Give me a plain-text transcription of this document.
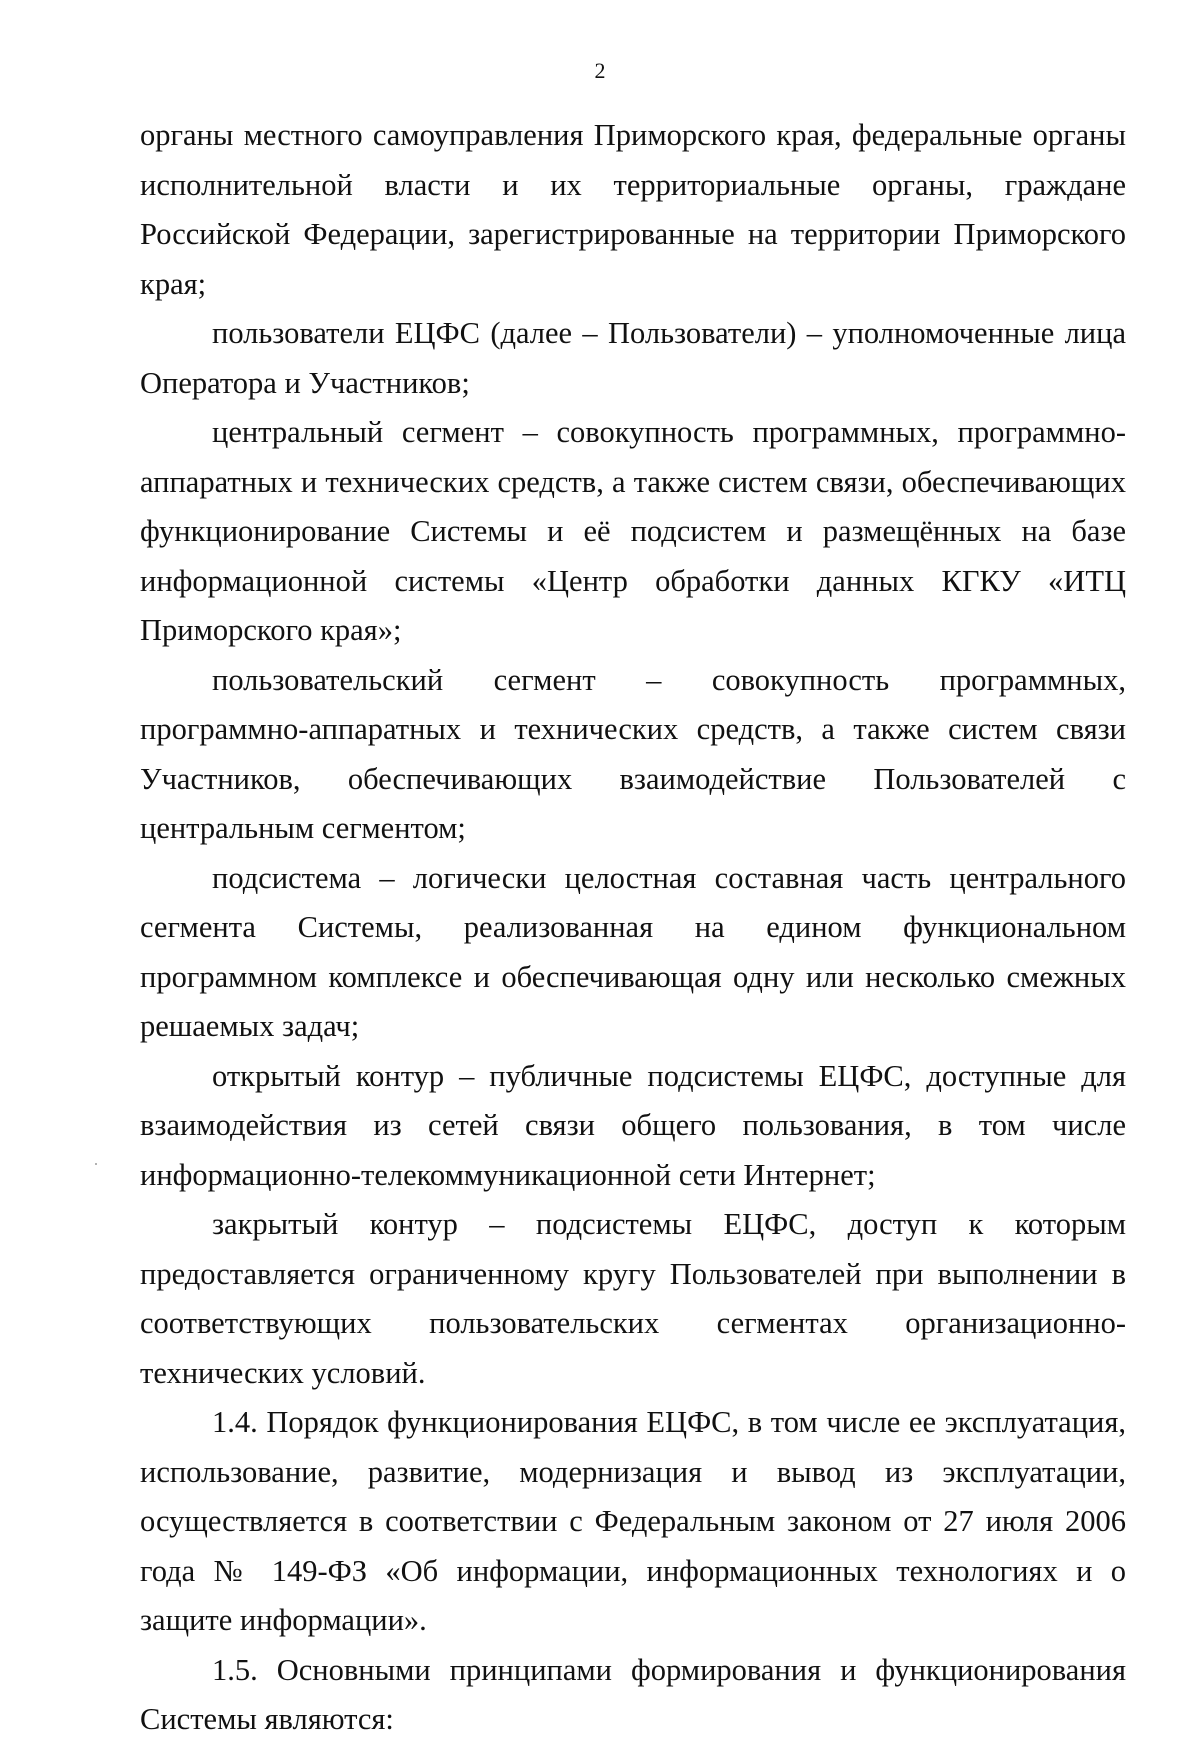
2

органы местного самоуправления Приморского края, федеральные органы исполнительной власти и их территориальные органы, граждане Российской Федерации, зарегистрированные на территории Приморского края;

пользователи ЕЦФС (далее – Пользователи) – уполномоченные лица Оператора и Участников;

центральный сегмент – совокупность программных, программно-аппаратных и технических средств, а также систем связи, обеспечивающих функционирование Системы и её подсистем и размещённых на базе информационной системы «Центр обработки данных КГКУ «ИТЦ Приморского края»;

пользовательский сегмент – совокупность программных, программно-аппаратных и технических средств, а также систем связи Участников, обеспечивающих взаимодействие Пользователей с центральным сегментом;

подсистема – логически целостная составная часть центрального сегмента Системы, реализованная на едином функциональном программном комплексе и обеспечивающая одну или несколько смежных решаемых задач;

открытый контур – публичные подсистемы ЕЦФС, доступные для взаимодействия из сетей связи общего пользования, в том числе информационно-телекоммуникационной сети Интернет;

закрытый контур – подсистемы ЕЦФС, доступ к которым предоставляется ограниченному кругу Пользователей при выполнении в соответствующих пользовательских сегментах организационно-технических условий.

1.4. Порядок функционирования ЕЦФС, в том числе ее эксплуатация, использование, развитие, модернизация и вывод из эксплуатации, осуществляется в соответствии с Федеральным законом от 27 июля 2006 года № 149-ФЗ «Об информации, информационных технологиях и о защите информации».

1.5. Основными принципами формирования и функционирования Системы являются:
